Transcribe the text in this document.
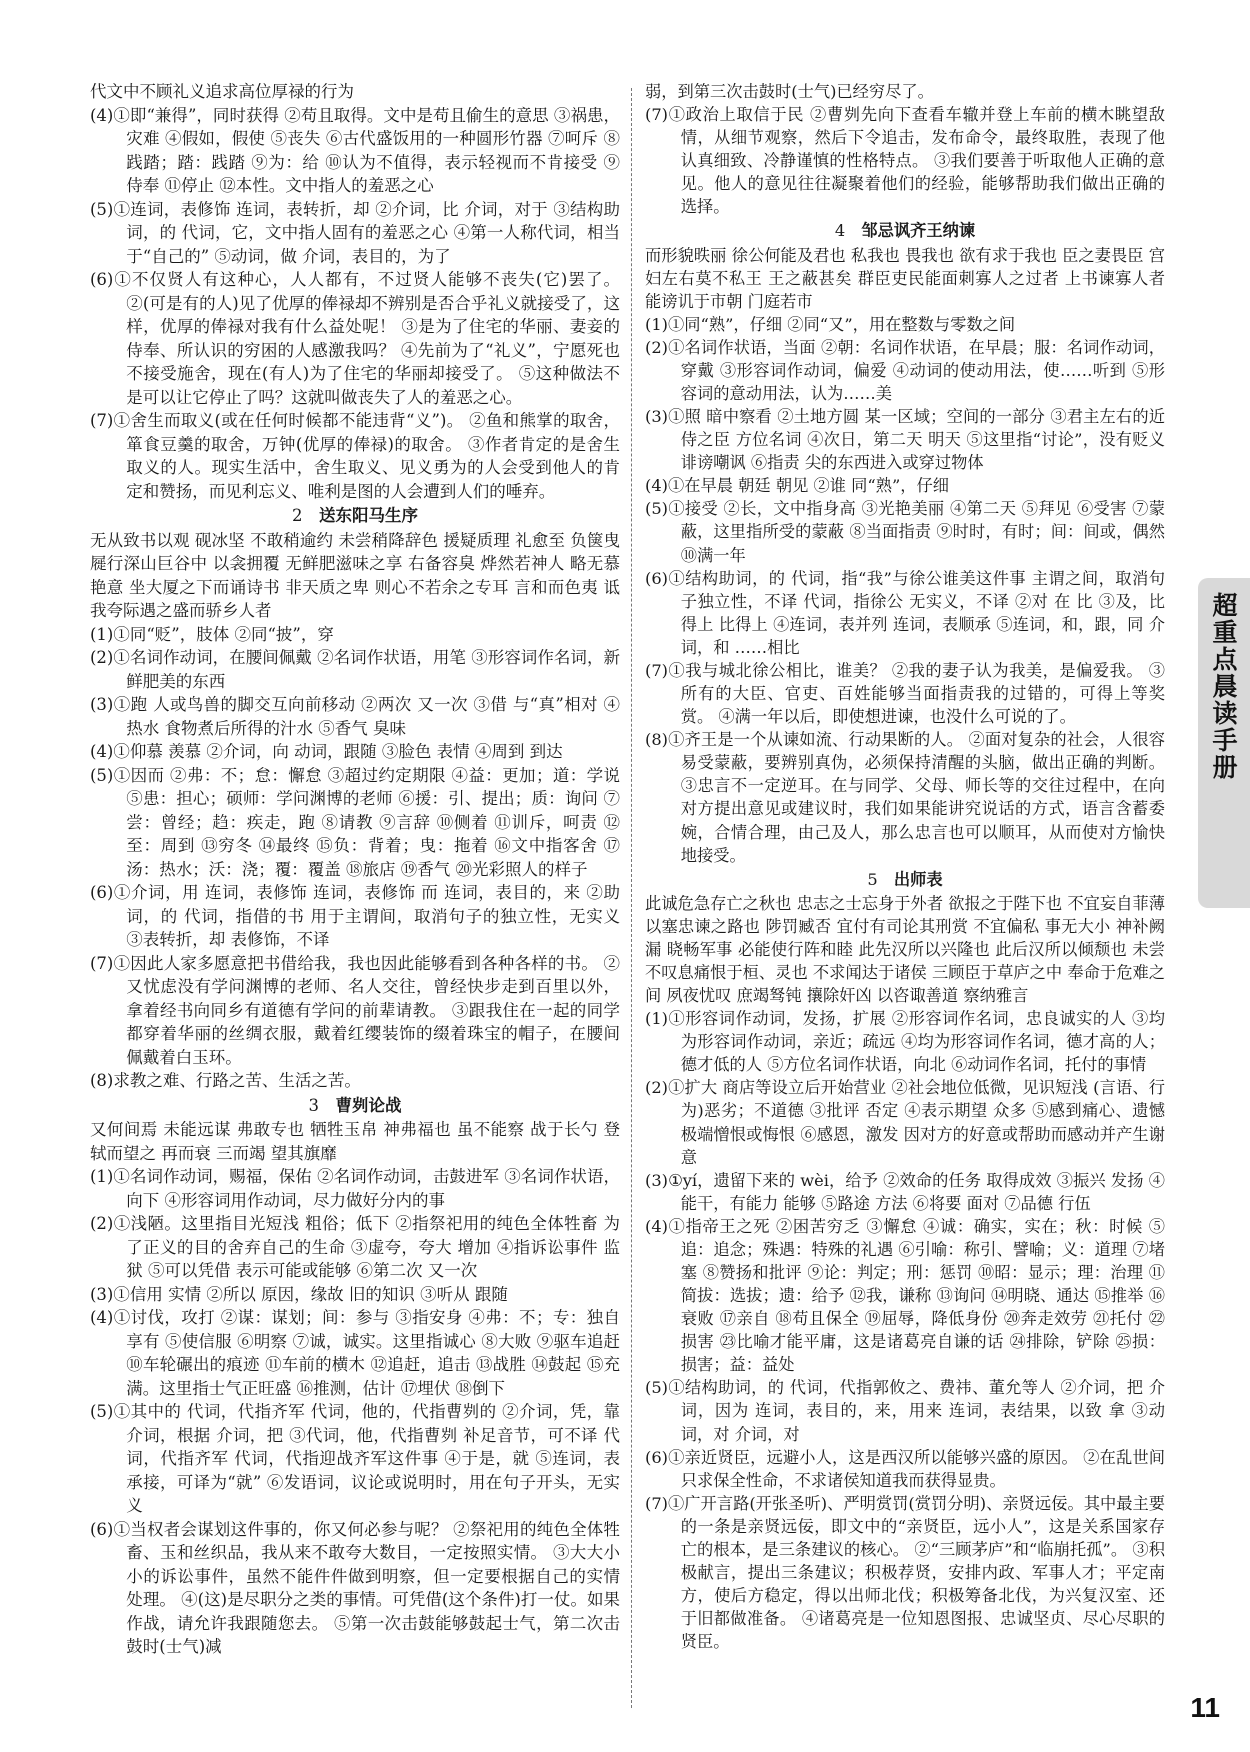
代文中不顾礼义追求高位厚禄的行为
(4)①即“兼得”，同时获得 ②苟且取得。文中是苟且偷生的意思 ③祸患，灾难 ④假如，假使 ⑤丧失 ⑥古代盛饭用的一种圆形竹器 ⑦呵斥 ⑧践踏；踏：践踏 ⑨为：给 ⑩认为不值得，表示轻视而不肯接受 ⑨侍奉 ⑪停止 ⑫本性。文中指人的羞恶之心
(5)①连词，表修饰 连词，表转折，却 ②介词，比 介词，对于 ③结构助词，的 代词，它，文中指人固有的羞恶之心 ④第一人称代词，相当于“自己的” ⑤动词，做 介词，表目的，为了
(6)①不仅贤人有这种心，人人都有，不过贤人能够不丧失(它)罢了。 ②(可是有的人)见了优厚的俸禄却不辨别是否合乎礼义就接受了，这样，优厚的俸禄对我有什么益处呢！ ③是为了住宅的华丽、妻妾的侍奉、所认识的穷困的人感激我吗？ ④先前为了“礼义”，宁愿死也不接受施舍，现在(有人)为了住宅的华丽却接受了。 ⑤这种做法不是可以让它停止了吗？这就叫做丧失了人的羞恶之心。
(7)①舍生而取义(或在任何时候都不能违背“义”)。 ②鱼和熊掌的取舍，箪食豆羹的取舍，万钟(优厚的俸禄)的取舍。 ③作者肯定的是舍生取义的人。现实生活中，舍生取义、见义勇为的人会受到他人的肯定和赞扬，而见利忘义、唯利是图的人会遭到人们的唾弃。
2　 送东阳马生序
无从致书以观 砚冰坚 不敢稍逾约 未尝稍降辞色 援疑质理 礼愈至 负箧曳屣行深山巨谷中 以衾拥覆 无鲜肥滋味之享 右备容臭 烨然若神人 略无慕艳意 坐大厦之下而诵诗书 非天质之卑 则心不若余之专耳 言和而色夷 诋我夸际遇之盛而骄乡人者
(1)①同“贬”，肢体 ②同“披”，穿
(2)①名词作动词，在腰间佩戴 ②名词作状语，用笔 ③形容词作名词，新鲜肥美的东西
(3)①跑 人或鸟兽的脚交互向前移动 ②两次 又一次 ③借 与“真”相对 ④热水 食物煮后所得的汁水 ⑤香气 臭味
(4)①仰慕 羡慕 ②介词，向 动词，跟随 ③脸色 表情 ④周到 到达
(5)①因而 ②弗：不；怠：懈怠 ③超过约定期限 ④益：更加；道：学说 ⑤患：担心；硕师：学问渊博的老师 ⑥援：引、提出；质：询问 ⑦尝：曾经；趋：疾走，跑 ⑧请教 ⑨言辞 ⑩侧着 ⑪训斥，呵责 ⑫至：周到 ⑬穷冬 ⑭最终 ⑮负：背着；曳：拖着 ⑯文中指客舍 ⑰汤：热水；沃：浇；覆：覆盖 ⑱旅店 ⑲香气 ⑳光彩照人的样子
(6)①介词，用 连词，表修饰 连词，表修饰 而 连词，表目的，来 ②助词，的 代词，指借的书 用于主谓间，取消句子的独立性，无实义 ③表转折，却 表修饰，不译
(7)①因此人家多愿意把书借给我，我也因此能够看到各种各样的书。 ②又忧虑没有学问渊博的老师、名人交往，曾经快步走到百里以外，拿着经书向同乡有道德有学问的前辈请教。 ③跟我住在一起的同学都穿着华丽的丝绸衣服，戴着红缨装饰的缀着珠宝的帽子，在腰间佩戴着白玉环。
(8)求教之难、行路之苦、生活之苦。
3　 曹刿论战
又何间焉 未能远谋 弗敢专也 牺牲玉帛 神弗福也 虽不能察 战于长勺 登轼而望之 再而衰 三而竭 望其旗靡
(1)①名词作动词，赐福，保佑 ②名词作动词，击鼓进军 ③名词作状语，向下 ④形容词用作动词，尽力做好分内的事
(2)①浅陋。这里指目光短浅 粗俗；低下 ②指祭祀用的纯色全体牲畜 为了正义的目的舍弃自己的生命 ③虚夸，夸大 增加 ④指诉讼事件 监狱 ⑤可以凭借 表示可能或能够 ⑥第二次 又一次
(3)①信用 实情 ②所以 原因，缘故 旧的知识 ③听从 跟随
(4)①讨伐，攻打 ②谋：谋划；间：参与 ③指安身 ④弗：不；专：独自享有 ⑤使信服 ⑥明察 ⑦诚，诚实。这里指诚心 ⑧大败 ⑨驱车追赶 ⑩车轮碾出的痕迹 ⑪车前的横木 ⑫追赶，追击 ⑬战胜 ⑭鼓起 ⑮充满。这里指士气正旺盛 ⑯推测，估计 ⑰埋伏 ⑱倒下
(5)①其中的 代词，代指齐军 代词，他的，代指曹刿的 ②介词，凭，靠 介词，根据 介词，把 ③代词，他，代指曹刿 补足音节，可不译 代词，代指齐军 代词，代指迎战齐军这件事 ④于是，就 ⑤连词，表承接，可译为“就” ⑥发语词，议论或说明时，用在句子开头，无实义
(6)①当权者会谋划这件事的，你又何必参与呢？ ②祭祀用的纯色全体牲畜、玉和丝织品，我从来不敢夸大数目，一定按照实情。 ③大大小小的诉讼事件，虽然不能件件做到明察，但一定要根据自己的实情处理。 ④(这)是尽职分之类的事情。可凭借(这个条件)打一仗。如果作战，请允许我跟随您去。 ⑤第一次击鼓能够鼓起士气，第二次击鼓时(士气)减
弱，到第三次击鼓时(士气)已经穷尽了。
(7)①政治上取信于民 ②曹刿先向下查看车辙并登上车前的横木眺望敌情，从细节观察，然后下令追击，发布命令，最终取胜，表现了他认真细致、冷静谨慎的性格特点。 ③我们要善于听取他人正确的意见。他人的意见往往凝聚着他们的经验，能够帮助我们做出正确的选择。
4　 邹忌讽齐王纳谏
而形貌昳丽 徐公何能及君也 私我也 畏我也 欲有求于我也 臣之妻畏臣 宫妇左右莫不私王 王之蔽甚矣 群臣吏民能面刺寡人之过者 上书谏寡人者 能谤讥于市朝 门庭若市
(1)①同“熟”，仔细 ②同“又”，用在整数与零数之间
(2)①名词作状语，当面 ②朝：名词作状语，在早晨；服：名词作动词，穿戴 ③形容词作动词，偏爱 ④动词的使动用法，使……听到 ⑤形容词的意动用法，认为……美
(3)①照 暗中察看 ②土地方圆 某一区域；空间的一部分 ③君主左右的近侍之臣 方位名词 ④次日，第二天 明天 ⑤这里指“讨论”，没有贬义 诽谤嘲讽 ⑥指责 尖的东西进入或穿过物体
(4)①在早晨 朝廷 朝见 ②谁 同“熟”，仔细
(5)①接受 ②长，文中指身高 ③光艳美丽 ④第二天 ⑤拜见 ⑥受害 ⑦蒙蔽，这里指所受的蒙蔽 ⑧当面指责 ⑨时时，有时；间：间或，偶然 ⑩满一年
(6)①结构助词，的 代词，指“我”与徐公谁美这件事 主谓之间，取消句子独立性，不译 代词，指徐公 无实义，不译 ②对 在 比 ③及，比得上 比得上 ④连词，表并列 连词，表顺承 ⑤连词，和，跟，同 介词，和 ……相比
(7)①我与城北徐公相比，谁美？ ②我的妻子认为我美，是偏爱我。 ③所有的大臣、官吏、百姓能够当面指责我的过错的，可得上等奖赏。 ④满一年以后，即使想进谏，也没什么可说的了。
(8)①齐王是一个从谏如流、行动果断的人。 ②面对复杂的社会，人很容易受蒙蔽，要辨别真伪，必须保持清醒的头脑，做出正确的判断。 ③忠言不一定逆耳。在与同学、父母、师长等的交往过程中，在向对方提出意见或建议时，我们如果能讲究说话的方式，语言含蓄委婉，合情合理，由己及人，那么忠言也可以顺耳，从而使对方愉快地接受。
5　 出师表
此诚危急存亡之秋也 忠志之士忘身于外者 欲报之于陛下也 不宜妄自菲薄 以塞忠谏之路也 陟罚臧否 宜付有司论其刑赏 不宜偏私 事无大小 神补阙漏 晓畅军事 必能使行阵和睦 此先汉所以兴隆也 此后汉所以倾颓也 未尝不叹息痛恨于桓、灵也 不求闻达于诸侯 三顾臣于草庐之中 奉命于危难之间 夙夜忧叹 庶竭驽钝 攘除奸凶 以咨诹善道 察纳雅言
(1)①形容词作动词，发扬，扩展 ②形容词作名词，忠良诚实的人 ③均为形容词作动词，亲近；疏远 ④均为形容词作名词，德才高的人；德才低的人 ⑤方位名词作状语，向北 ⑥动词作名词，托付的事情
(2)①扩大 商店等设立后开始营业 ②社会地位低微，见识短浅 (言语、行为)恶劣；不道德 ③批评 否定 ④表示期望 众多 ⑤感到痛心、遗憾 极端憎恨或悔恨 ⑥感恩，激发 因对方的好意或帮助而感动并产生谢意
(3)①yí，遗留下来的 wèi，给予 ②效命的任务 取得成效 ③振兴 发扬 ④能干，有能力 能够 ⑤路途 方法 ⑥将要 面对 ⑦品德 行伍
(4)①指帝王之死 ②困苦穷乏 ③懈怠 ④诚：确实，实在；秋：时候 ⑤追：追念；殊遇：特殊的礼遇 ⑥引喻：称引、譬喻；义：道理 ⑦堵塞 ⑧赞扬和批评 ⑨论：判定；刑：惩罚 ⑩昭：显示；理：治理 ⑪简拔：选拔；遗：给予 ⑫我，谦称 ⑬询问 ⑭明晓、通达 ⑮推举 ⑯衰败 ⑰亲自 ⑱苟且保全 ⑲屈辱，降低身份 ⑳奔走效劳 ㉑托付 ㉒损害 ㉓比喻才能平庸，这是诸葛亮自谦的话 ㉔排除，铲除 ㉕损：损害；益：益处
(5)①结构助词，的 代词，代指郭攸之、费祎、董允等人 ②介词，把 介词，因为 连词，表目的，来，用来 连词，表结果，以致 拿 ③动词，对 介词，对
(6)①亲近贤臣，远避小人，这是西汉所以能够兴盛的原因。 ②在乱世间只求保全性命，不求诸侯知道我而获得显贵。
(7)①广开言路(开张圣听)、严明赏罚(赏罚分明)、亲贤远佞。其中最主要的一条是亲贤远佞，即文中的“亲贤臣，远小人”，这是关系国家存亡的根本，是三条建议的核心。 ②“三顾茅庐”和“临崩托孤”。 ③积极献言，提出三条建议；积极荐贤，安排内政、军事人才；平定南方，使后方稳定，得以出师北伐；积极筹备北伐，为兴复汉室、还于旧都做准备。 ④诸葛亮是一位知恩图报、忠诚坚贞、尽心尽职的贤臣。
超重点晨读手册
11
